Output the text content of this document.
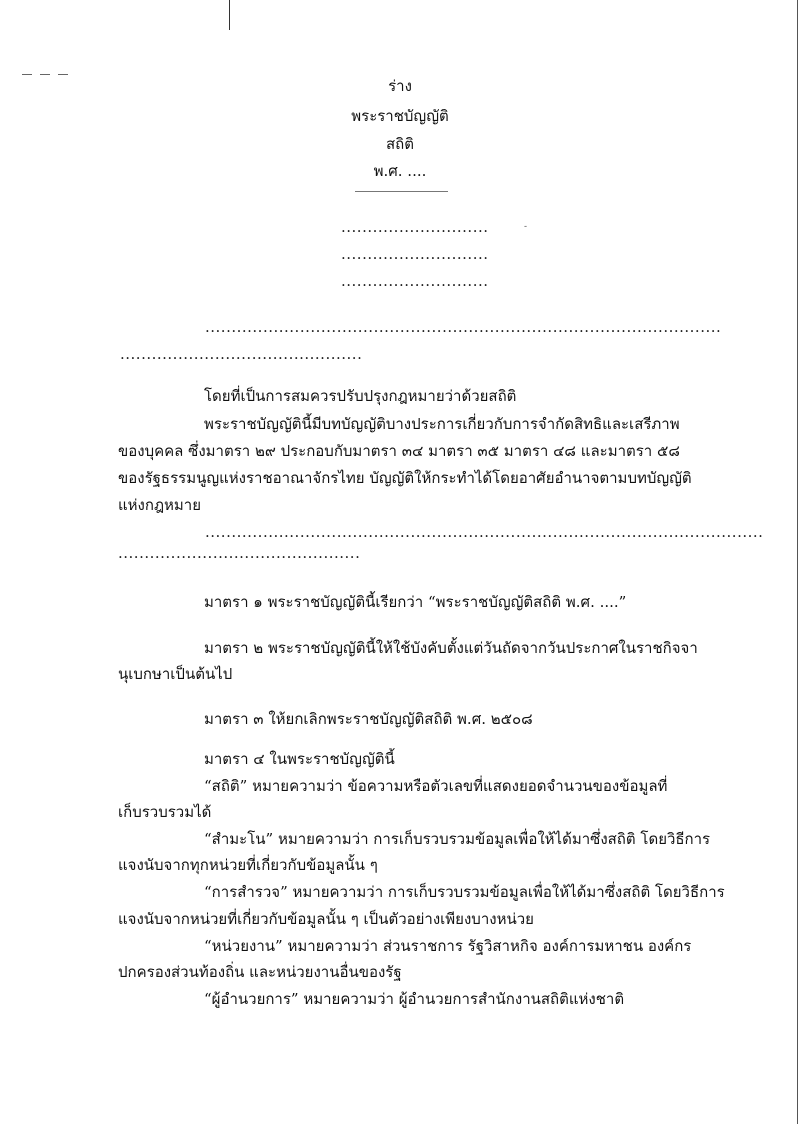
ร่าง
พระราชบัญญัติ
สถิติ
พ.ศ. ....
............................	-
............................
............................
..................................................................................................
..............................................
โดยที่เป็นการสมควรปรับปรุงกฎหมายว่าด้วยสถิติ
พระราชบัญญัตินี้มีบทบัญญัติบางประการเกี่ยวกับการจำกัดสิทธิและเสรีภาพ
ของบุคคล ซึ่งมาตรา ๒๙ ประกอบกับมาตรา ๓๔ มาตรา ๓๕ มาตรา ๔๘ และมาตรา ๕๘
ของรัฐธรรมนูญแห่งราชอาณาจักรไทย บัญญัติให้กระทำได้โดยอาศัยอำนาจตามบทบัญญัติ
แห่งกฎหมาย
..........................................................................................................
..............................................
มาตรา ๑ พระราชบัญญัตินี้เรียกว่า “พระราชบัญญัติสถิติ พ.ศ. ....”
มาตรา ๒ พระราชบัญญัตินี้ให้ใช้บังคับตั้งแต่วันถัดจากวันประกาศในราชกิจจา
นุเบกษาเป็นต้นไป
มาตรา ๓ ให้ยกเลิกพระราชบัญญัติสถิติ พ.ศ. ๒๕๐๘
มาตรา ๔ ในพระราชบัญญัตินี้
“สถิติ” หมายความว่า ข้อความหรือตัวเลขที่แสดงยอดจำนวนของข้อมูลที่
เก็บรวบรวมได้
“สำมะโน” หมายความว่า การเก็บรวบรวมข้อมูลเพื่อให้ได้มาซึ่งสถิติ โดยวิธีการ
แจงนับจากทุกหน่วยที่เกี่ยวกับข้อมูลนั้น ๆ
“การสำรวจ” หมายความว่า การเก็บรวบรวมข้อมูลเพื่อให้ได้มาซึ่งสถิติ โดยวิธีการ
แจงนับจากหน่วยที่เกี่ยวกับข้อมูลนั้น ๆ เป็นตัวอย่างเพียงบางหน่วย
“หน่วยงาน” หมายความว่า ส่วนราชการ รัฐวิสาหกิจ องค์การมหาชน องค์กร
ปกครองส่วนท้องถิ่น และหน่วยงานอื่นของรัฐ
“ผู้อำนวยการ” หมายความว่า ผู้อำนวยการสำนักงานสถิติแห่งชาติ
